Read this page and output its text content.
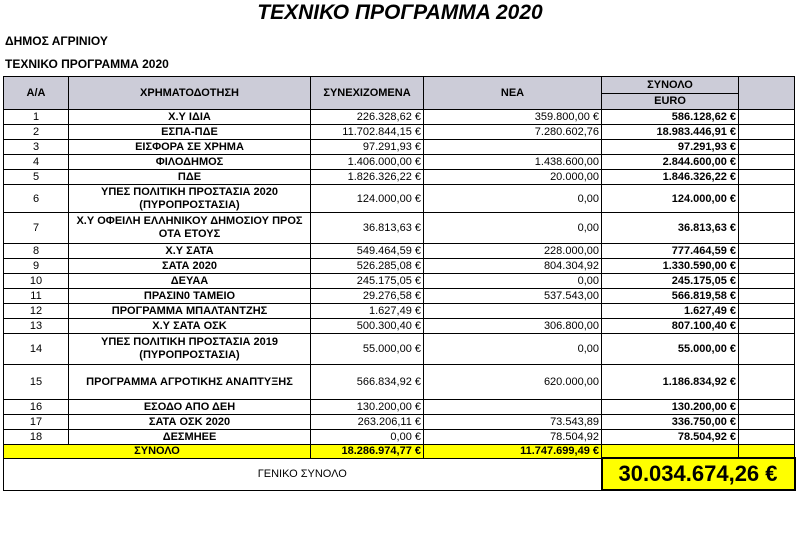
ΤΕΧΝΙΚΟ ΠΡΟΓΡΑΜΜΑ 2020
ΔΗΜΟΣ ΑΓΡΙΝΙΟΥ
ΤΕΧΝΙΚΟ ΠΡΟΓΡΑΜΜΑ 2020
Α/Α	ΧΡΗΜΑΤΟΔΟΤΗΣΗ	ΣΥΝΕΧΙΖΟΜΕΝΑ	ΝΕΑ	ΣΥΝΟΛΟ	
				EURO	
1	Χ.Υ ΙΔΙΑ	226.328,62 €	359.800,00 €	586.128,62 €	
2	ΕΣΠΑ-ΠΔΕ	11.702.844,15 €	7.280.602,76	18.983.446,91 €	
3	ΕΙΣΦΟΡΑ ΣΕ ΧΡΗΜΑ	97.291,93 €		97.291,93 €	
4	ΦΙΛΟΔΗΜΟΣ	1.406.000,00 €	1.438.600,00	2.844.600,00 €	
5	ΠΔΕ	1.826.326,22 €	20.000,00	1.846.326,22 €	
6	ΥΠΕΣ ΠΟΛΙΤΙΚΗ ΠΡΟΣΤΑΣΙΑ 2020 (ΠΥΡΟΠΡΟΣΤΑΣΙΑ)	124.000,00 €	0,00	124.000,00 €	
7	Χ.Υ ΟΦΕΙΛΗ ΕΛΛΗΝΙΚΟΥ ΔΗΜΟΣΙΟΥ ΠΡΟΣ ΟΤΑ ΕΤΟΥΣ	36.813,63 €	0,00	36.813,63 €	
8	Χ.Υ ΣΑΤΑ	549.464,59 €	228.000,00	777.464,59 €	
9	ΣΑΤΑ 2020	526.285,08 €	804.304,92	1.330.590,00 €	
10	ΔΕΥΑΑ	245.175,05 €	0,00	245.175,05 €	
11	ΠΡΑΣΙΝ0 ΤΑΜΕΙΟ	29.276,58 €	537.543,00	566.819,58 €	
12	ΠΡΟΓΡΑΜΜΑ ΜΠΑΛΤΑΝΤΖΗΣ	1.627,49 €		1.627,49 €	
13	Χ.Υ ΣΑΤΑ ΟΣΚ	500.300,40 €	306.800,00	807.100,40 €	
14	ΥΠΕΣ ΠΟΛΙΤΙΚΗ ΠΡΟΣΤΑΣΙΑ 2019 (ΠΥΡΟΠΡΟΣΤΑΣΙΑ)	55.000,00 €	0,00	55.000,00 €	
15	ΠΡΟΓΡΑΜΜΑ ΑΓΡΟΤΙΚΗΣ ΑΝΑΠΤΥΞΗΣ	566.834,92 €	620.000,00	1.186.834,92 €	
16	ΕΣΟΔΟ ΑΠΟ ΔΕΗ	130.200,00 €		130.200,00 €	
17	ΣΑΤΑ ΟΣΚ 2020	263.206,11 €	73.543,89	336.750,00 €	
18	ΔΕΣΜΗΕΕ	0,00 €	78.504,92	78.504,92 €	
ΣΥΝΟΛΟ		18.286.974,77 €	11.747.699,49 €		
ΓΕΝΙΚΟ ΣΥΝΟΛΟ				30.034.674,26 €	
